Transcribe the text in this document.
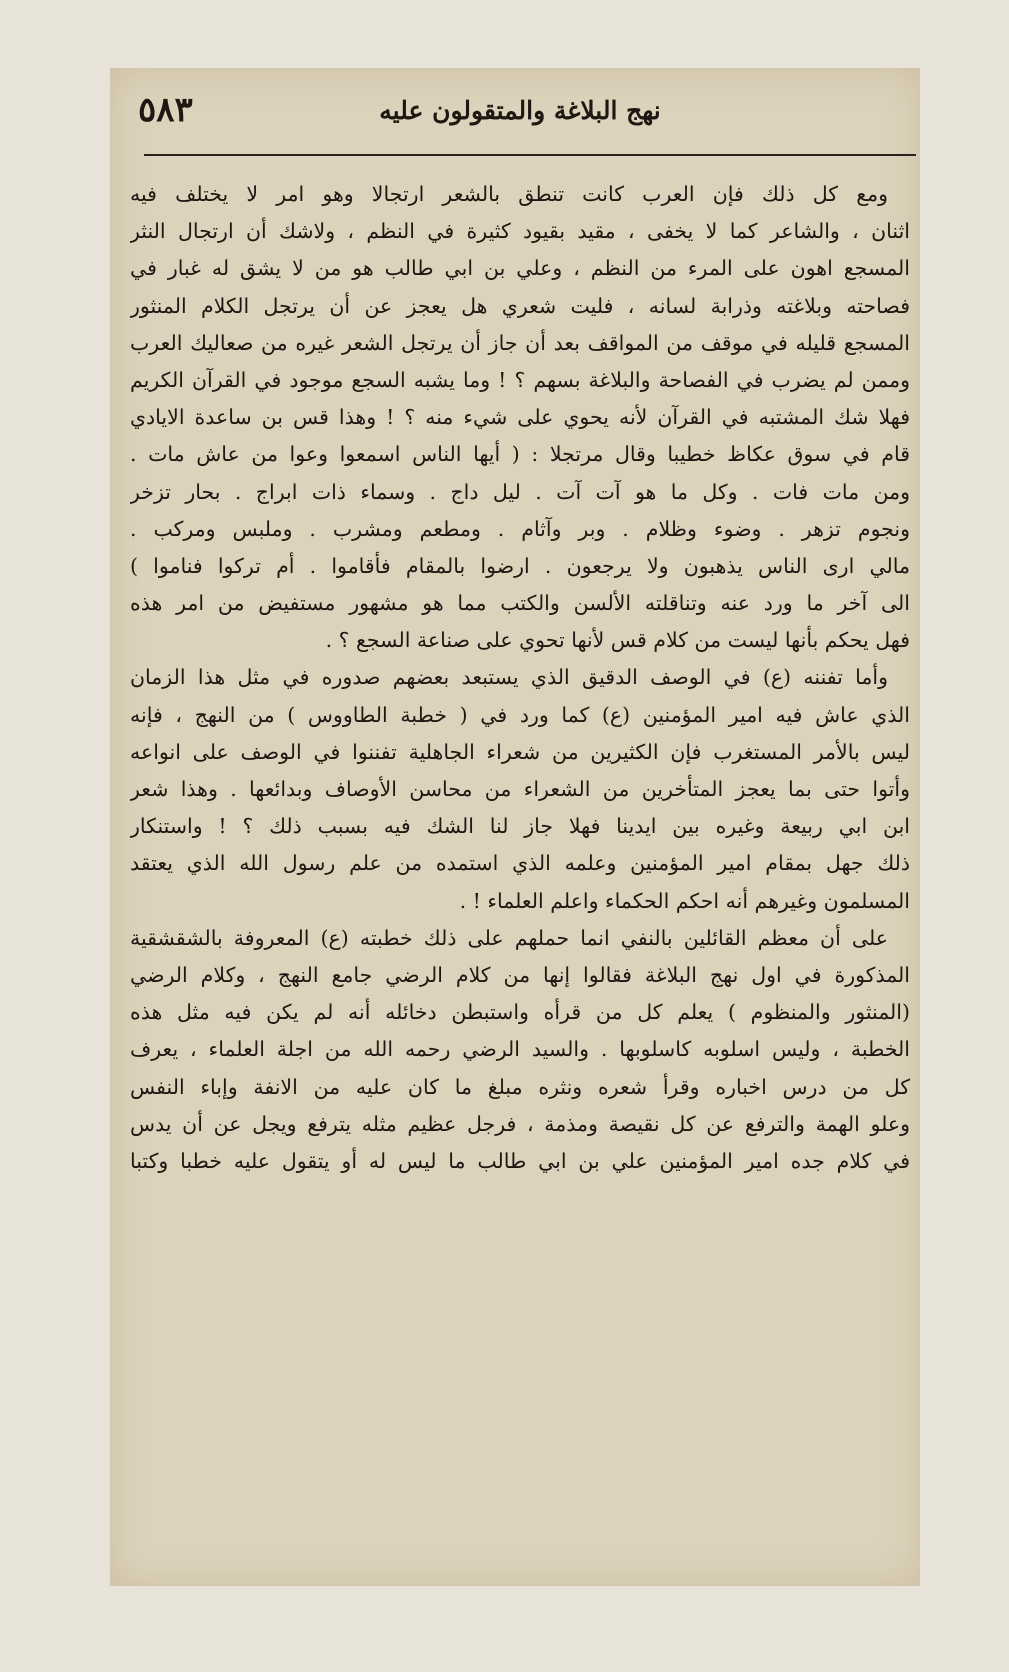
٥٨٣	نهج البلاغة والمتقولون عليه
ومع كل ذلك فإن العرب كانت تنطق بالشعر ارتجالا وهو امر لا يختلف فيه
اثنان ، والشاعر كما لا يخفى ، مقيد بقيود كثيرة في النظم ، ولاشك أن ارتجال النثر
المسجع اهون على المرء من النظم ، وعلي بن ابي طالب هو من لا يشق له غبار في
فصاحته وبلاغته وذرابة لسانه ، فليت شعري هل يعجز عن أن يرتجل الكلام المنثور
المسجع قليله في موقف من المواقف بعد أن جاز أن يرتجل الشعر غيره من صعاليك العرب
وممن لم يضرب في الفصاحة والبلاغة بسهم ؟ ! وما يشبه السجع موجود في القرآن الكريم
فهلا شك المشتبه في القرآن لأنه يحوي على شيء منه ؟ ! وهذا قس بن ساعدة الايادي
قام في سوق عكاظ خطيبا وقال مرتجلا : ( أيها الناس اسمعوا وعوا من عاش مات .
ومن مات فات . وكل ما هو آت آت . ليل داج . وسماء ذات ابراج . بحار تزخر
ونجوم تزهر . وضوء وظلام . وبر وآثام . ومطعم ومشرب . وملبس ومركب .
مالي ارى الناس يذهبون ولا يرجعون . ارضوا بالمقام فأقاموا . أم تركوا فناموا )
الى آخر ما ورد عنه وتناقلته الألسن والكتب مما هو مشهور مستفيض من امر هذه
فهل يحكم بأنها ليست من كلام قس لأنها تحوي على صناعة السجع ؟ .
وأما تفننه (ع) في الوصف الدقيق الذي يستبعد بعضهم صدوره في مثل هذا الزمان
الذي عاش فيه امير المؤمنين (ع) كما ورد في ( خطبة الطاووس ) من النهج ، فإنه
ليس بالأمر المستغرب فإن الكثيرين من شعراء الجاهلية تفننوا في الوصف على انواعه
وأتوا حتى بما يعجز المتأخرين من الشعراء من محاسن الأوصاف وبدائعها . وهذا شعر
ابن ابي ربيعة وغيره بين ايدينا فهلا جاز لنا الشك فيه بسبب ذلك ؟ ! واستنكار
ذلك جهل بمقام امير المؤمنين وعلمه الذي استمده من علم رسول الله الذي يعتقد
المسلمون وغيرهم أنه احكم الحكماء واعلم العلماء ! .
على أن معظم القائلين بالنفي انما حملهم على ذلك خطبته (ع) المعروفة بالشقشقية
المذكورة في اول نهج البلاغة فقالوا إنها من كلام الرضي جامع النهج ، وكلام الرضي
(المنثور والمنظوم ) يعلم كل من قرأه واستبطن دخائله أنه لم يكن فيه مثل هذه
الخطبة ، وليس اسلوبه كاسلوبها . والسيد الرضي رحمه الله من اجلة العلماء ، يعرف
كل من درس اخباره وقرأ شعره ونثره مبلغ ما كان عليه من الانفة وإباء النفس
وعلو الهمة والترفع عن كل نقيصة ومذمة ، فرجل عظيم مثله يترفع ويجل عن أن يدس
في كلام جده امير المؤمنين علي بن ابي طالب ما ليس له أو يتقول عليه خطبا وكتبا
